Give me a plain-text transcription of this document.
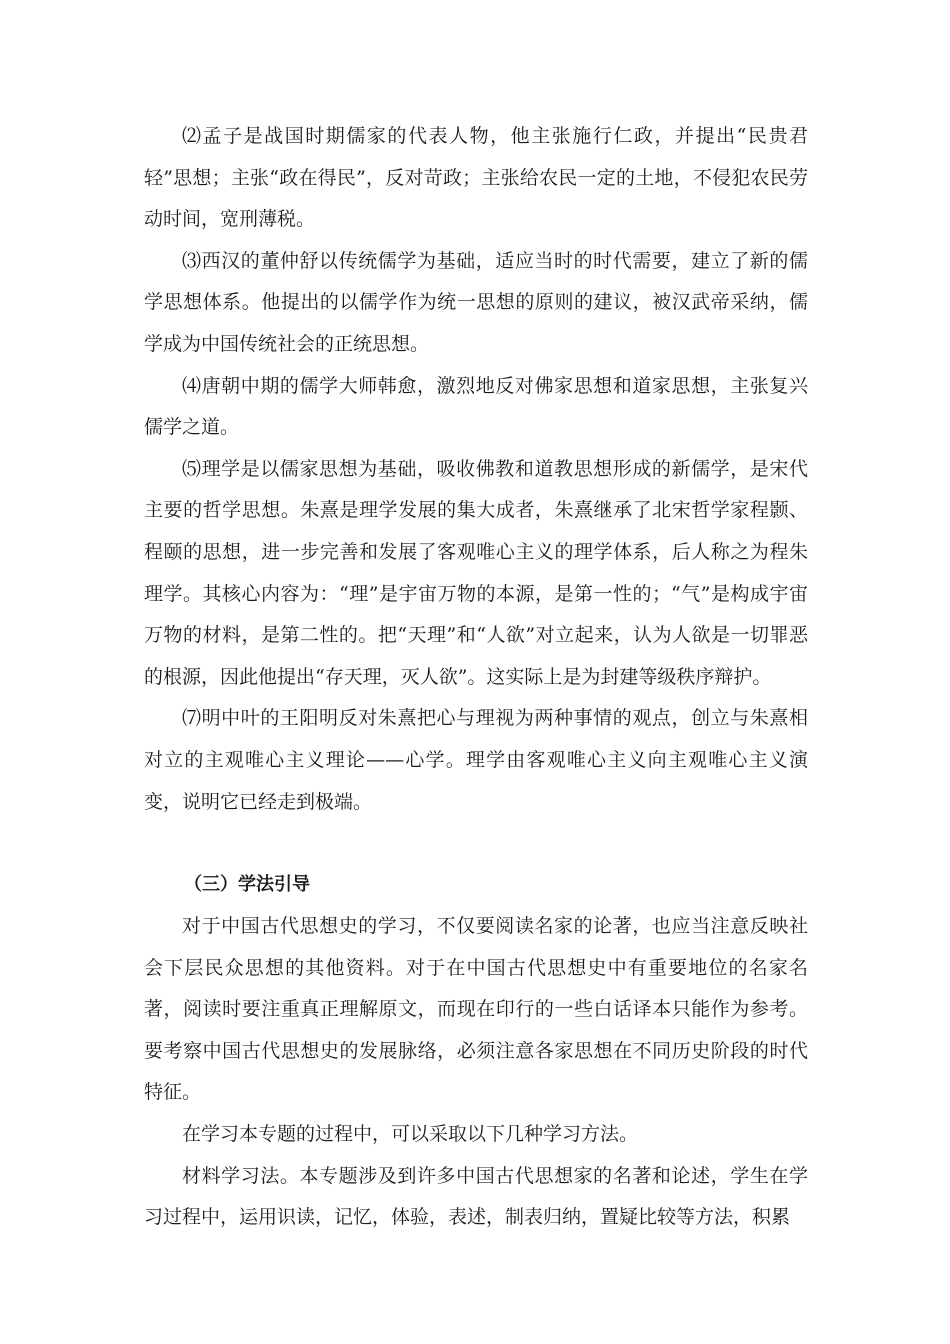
⑵孟子是战国时期儒家的代表人物，他主张施行仁政，并提出“民贵君轻”思想；主张“政在得民”，反对苛政；主张给农民一定的土地，不侵犯农民劳动时间，宽刑薄税。

⑶西汉的董仲舒以传统儒学为基础，适应当时的时代需要，建立了新的儒学思想体系。他提出的以儒学作为统一思想的原则的建议，被汉武帝采纳，儒学成为中国传统社会的正统思想。

⑷唐朝中期的儒学大师韩愈，激烈地反对佛家思想和道家思想，主张复兴儒学之道。

⑸理学是以儒家思想为基础，吸收佛教和道教思想形成的新儒学，是宋代主要的哲学思想。朱熹是理学发展的集大成者，朱熹继承了北宋哲学家程颢、程颐的思想，进一步完善和发展了客观唯心主义的理学体系，后人称之为程朱理学。其核心内容为：“理”是宇宙万物的本源，是第一性的；“气”是构成宇宙万物的材料，是第二性的。把“天理”和“人欲”对立起来，认为人欲是一切罪恶的根源，因此他提出“存天理，灭人欲”。这实际上是为封建等级秩序辩护。

⑺明中叶的王阳明反对朱熹把心与理视为两种事情的观点，创立与朱熹相对立的主观唯心主义理论——心学。理学由客观唯心主义向主观唯心主义演变，说明它已经走到极端。

（三）学法引导

对于中国古代思想史的学习，不仅要阅读名家的论著，也应当注意反映社会下层民众思想的其他资料。对于在中国古代思想史中有重要地位的名家名著，阅读时要注重真正理解原文，而现在印行的一些白话译本只能作为参考。要考察中国古代思想史的发展脉络，必须注意各家思想在不同历史阶段的时代特征。

在学习本专题的过程中，可以采取以下几种学习方法。

材料学习法。本专题涉及到许多中国古代思想家的名著和论述，学生在学习过程中，运用识读，记忆，体验，表述，制表归纳，置疑比较等方法，积累
